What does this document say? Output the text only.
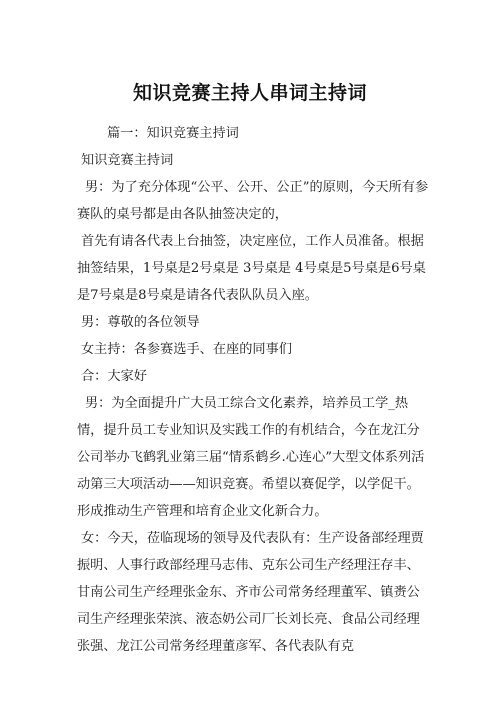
知识竞赛主持人串词主持词

篇一：知识竞赛主持词

知识竞赛主持词

男：为了充分体现“公平、公开、公正”的原则，今天所有参赛队的桌号都是由各队抽签决定的，

首先有请各代表上台抽签，决定座位，工作人员准备。根据抽签结果，1号桌是2号桌是 3号桌是 4号桌是5号桌是6号桌是7号桌是8号桌是请各代表队队员入座。

男：尊敬的各位领导

女主持：各参赛选手、在座的同事们

合：大家好

男：为全面提升广大员工综合文化素养，培养员工学_热情，提升员工专业知识及实践工作的有机结合，今在龙江分公司举办飞鹤乳业第三届“情系鹤乡.心连心”大型文体系列活动第三大项活动——知识竞赛。希望以赛促学，以学促干。形成推动生产管理和培育企业文化新合力。

女：今天，莅临现场的领导及代表队有：生产设备部经理贾振明、人事行政部经理马志伟、克东公司生产经理汪存丰、甘南公司生产经理张金东、齐市公司常务经理董军、镇赉公司生产经理张荣滨、液态奶公司厂长刘长亮、食品公司经理张强、龙江公司常务经理董彦军、各代表队有克
